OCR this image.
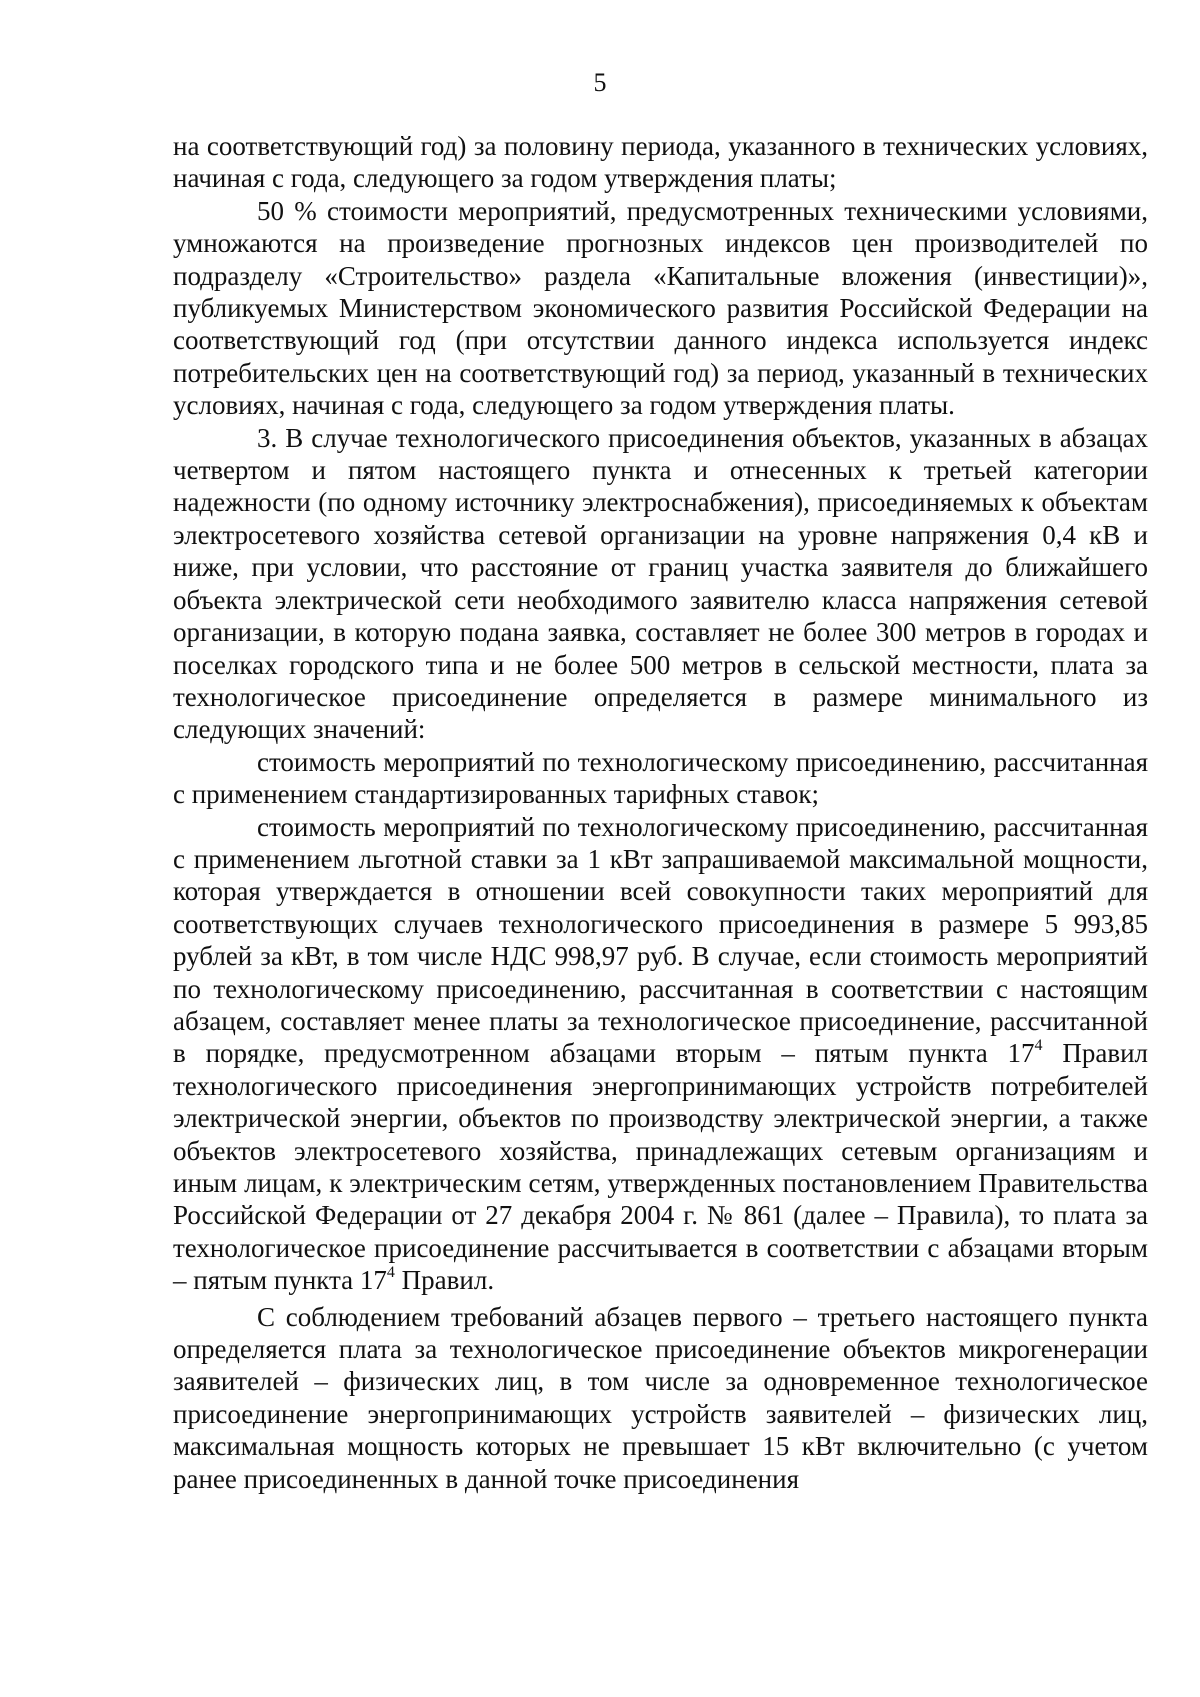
5

на соответствующий год) за половину периода, указанного в технических условиях, начиная с года, следующего за годом утверждения платы;

50 % стоимости мероприятий, предусмотренных техническими условиями, умножаются на произведение прогнозных индексов цен производителей по подразделу «Строительство» раздела «Капитальные вложения (инвестиции)», публикуемых Министерством экономического развития Российской Федерации на соответствующий год (при отсутствии данного индекса используется индекс потребительских цен на соответствующий год) за период, указанный в технических условиях, начиная с года, следующего за годом утверждения платы.

3. В случае технологического присоединения объектов, указанных в абзацах четвертом и пятом настоящего пункта и отнесенных к третьей категории надежности (по одному источнику электроснабжения), присоединяемых к объектам электросетевого хозяйства сетевой организации на уровне напряжения 0,4 кВ и ниже, при условии, что расстояние от границ участка заявителя до ближайшего объекта электрической сети необходимого заявителю класса напряжения сетевой организации, в которую подана заявка, составляет не более 300 метров в городах и поселках городского типа и не более 500 метров в сельской местности, плата за технологическое присоединение определяется в размере минимального из следующих значений:

стоимость мероприятий по технологическому присоединению, рассчитанная с применением стандартизированных тарифных ставок;

стоимость мероприятий по технологическому присоединению, рассчитанная с применением льготной ставки за 1 кВт запрашиваемой максимальной мощности, которая утверждается в отношении всей совокупности таких мероприятий для соответствующих случаев технологического присоединения в размере 5 993,85 рублей за кВт, в том числе НДС 998,97 руб. В случае, если стоимость мероприятий по технологическому присоединению, рассчитанная в соответствии с настоящим абзацем, составляет менее платы за технологическое присоединение, рассчитанной в порядке, предусмотренном абзацами вторым – пятым пункта $17^4$ Правил технологического присоединения энергопринимающих устройств потребителей электрической энергии, объектов по производству электрической энергии, а также объектов электросетевого хозяйства, принадлежащих сетевым организациям и иным лицам, к электрическим сетям, утвержденных постановлением Правительства Российской Федерации от 27 декабря 2004 г. № 861 (далее – Правила), то плата за технологическое присоединение рассчитывается в соответствии с абзацами вторым – пятым пункта $17^4$ Правил.

С соблюдением требований абзацев первого – третьего настоящего пункта определяется плата за технологическое присоединение объектов микрогенерации заявителей – физических лиц, в том числе за одновременное технологическое присоединение энергопринимающих устройств заявителей – физических лиц, максимальная мощность которых не превышает 15 кВт включительно (с учетом ранее присоединенных в данной точке присоединения
